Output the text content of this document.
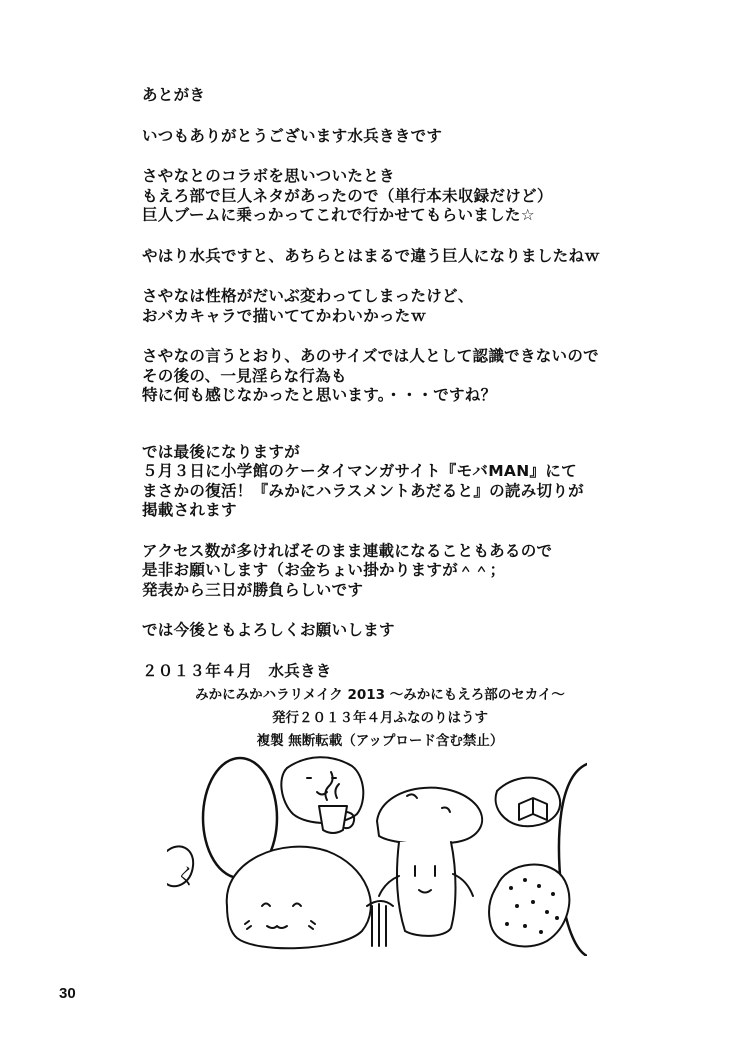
あとがき
いつもありがとうございます水兵ききです
さやなとのコラボを思いついたとき
もえろ部で巨人ネタがあったので（単行本未収録だけど）
巨人ブームに乗っかってこれで行かせてもらいました☆
やはり水兵ですと、あちらとはまるで違う巨人になりましたねｗ
さやなは性格がだいぶ変わってしまったけど、
おバカキャラで描いててかわいかったｗ
さやなの言うとおり、あのサイズでは人として認識できないので
その後の、一見淫らな行為も
特に何も感じなかったと思います。・・・ですね？
では最後になりますが
５月３日に小学館のケータイマンガサイト『モバMAN』にて
まさかの復活！『みかにハラスメントあだると』の読み切りが
掲載されます
アクセス数が多ければそのまま連載になることもあるので
是非お願いします（お金ちょい掛かりますが＾＾；
発表から三日が勝負らしいです
では今後ともよろしくお願いします
２０１３年４月　水兵きき
みかにみかハラリメイク 2013 〜みかにもえろ部のセカイ〜
発行２０１３年４月ふなのりはうす
複製 無断転載（アップロード含む禁止）
く
30
